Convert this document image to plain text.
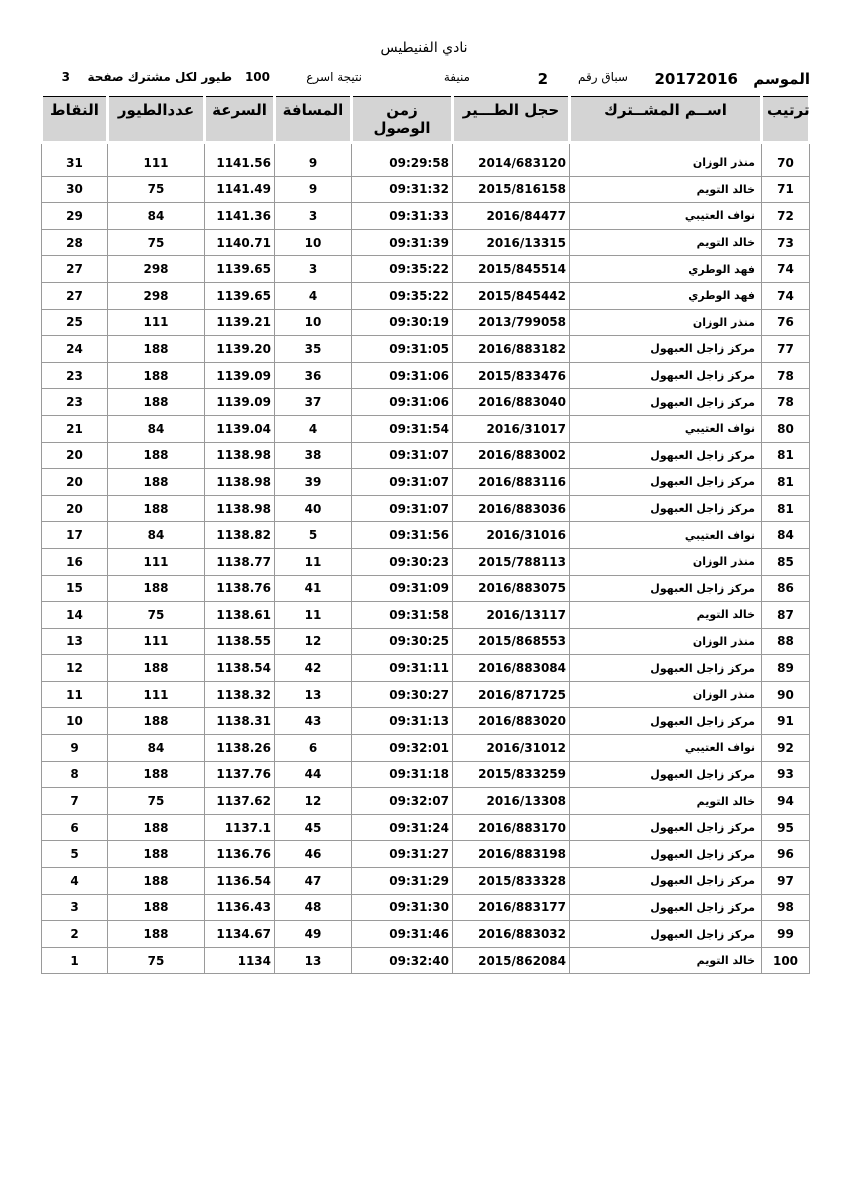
نادي الفنيطيس
الموسم
20172016
سباق رقم
2
منيفة
نتيجة اسرع
100
طيور لكل مشترك صفحة
3
النقاط	عددالطيور	السرعة	المسافة	زمن الوصول	حجل الطـــير	اســم المشــترك	ترتيب
31	111	1141.56	9	09:29:58	2014/683120	منذر الوزان	70
30	75	1141.49	9	09:31:32	2015/816158	خالد التويم	71
29	84	1141.36	3	09:31:33	2016/84477	نواف العتيبي	72
28	75	1140.71	10	09:31:39	2016/13315	خالد التويم	73
27	298	1139.65	3	09:35:22	2015/845514	فهد الوطري	74
27	298	1139.65	4	09:35:22	2015/845442	فهد الوطري	74
25	111	1139.21	10	09:30:19	2013/799058	منذر الوزان	76
24	188	1139.20	35	09:31:05	2016/883182	مركز زاجل العبهول	77
23	188	1139.09	36	09:31:06	2015/833476	مركز زاجل العبهول	78
23	188	1139.09	37	09:31:06	2016/883040	مركز زاجل العبهول	78
21	84	1139.04	4	09:31:54	2016/31017	نواف العتيبي	80
20	188	1138.98	38	09:31:07	2016/883002	مركز زاجل العبهول	81
20	188	1138.98	39	09:31:07	2016/883116	مركز زاجل العبهول	81
20	188	1138.98	40	09:31:07	2016/883036	مركز زاجل العبهول	81
17	84	1138.82	5	09:31:56	2016/31016	نواف العتيبي	84
16	111	1138.77	11	09:30:23	2015/788113	منذر الوزان	85
15	188	1138.76	41	09:31:09	2016/883075	مركز زاجل العبهول	86
14	75	1138.61	11	09:31:58	2016/13117	خالد التويم	87
13	111	1138.55	12	09:30:25	2015/868553	منذر الوزان	88
12	188	1138.54	42	09:31:11	2016/883084	مركز زاجل العبهول	89
11	111	1138.32	13	09:30:27	2016/871725	منذر الوزان	90
10	188	1138.31	43	09:31:13	2016/883020	مركز زاجل العبهول	91
9	84	1138.26	6	09:32:01	2016/31012	نواف العتيبي	92
8	188	1137.76	44	09:31:18	2015/833259	مركز زاجل العبهول	93
7	75	1137.62	12	09:32:07	2016/13308	خالد التويم	94
6	188	1137.1	45	09:31:24	2016/883170	مركز زاجل العبهول	95
5	188	1136.76	46	09:31:27	2016/883198	مركز زاجل العبهول	96
4	188	1136.54	47	09:31:29	2015/833328	مركز زاجل العبهول	97
3	188	1136.43	48	09:31:30	2016/883177	مركز زاجل العبهول	98
2	188	1134.67	49	09:31:46	2016/883032	مركز زاجل العبهول	99
1	75	1134	13	09:32:40	2015/862084	خالد التويم	100
